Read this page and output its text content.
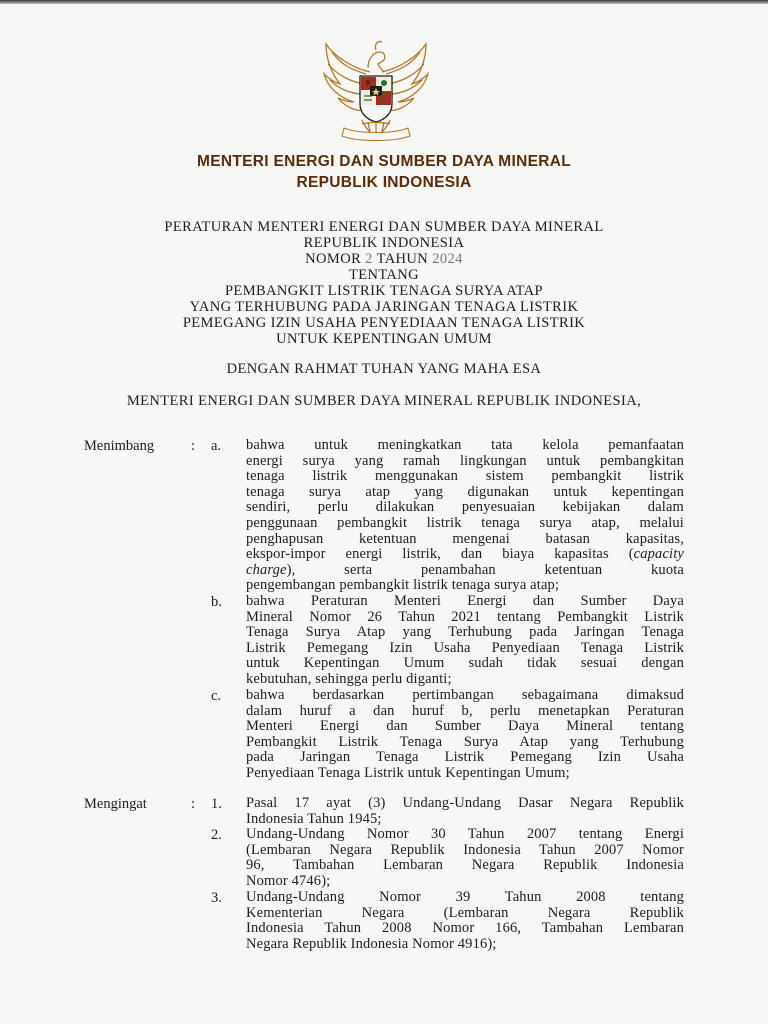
MENTERI ENERGI DAN SUMBER DAYA MINERAL
REPUBLIK INDONESIA
PERATURAN MENTERI ENERGI DAN SUMBER DAYA MINERAL
REPUBLIK INDONESIA
NOMOR 2 TAHUN 2024
TENTANG
PEMBANGKIT LISTRIK TENAGA SURYA ATAP
YANG TERHUBUNG PADA JARINGAN TENAGA LISTRIK
PEMEGANG IZIN USAHA PENYEDIAAN TENAGA LISTRIK
UNTUK KEPENTINGAN UMUM
DENGAN RAHMAT TUHAN YANG MAHA ESA
MENTERI ENERGI DAN SUMBER DAYA MINERAL REPUBLIK INDONESIA,
Menimbang	: a. bahwa untuk meningkatkan tata kelola pemanfaatan
energi surya yang ramah lingkungan untuk pembangkitan
tenaga listrik menggunakan sistem pembangkit listrik
tenaga surya atap yang digunakan untuk kepentingan
sendiri, perlu dilakukan penyesuaian kebijakan dalam
penggunaan pembangkit listrik tenaga surya atap, melalui
penghapusan ketentuan mengenai batasan kapasitas,
ekspor-impor energi listrik, dan biaya kapasitas (capacity
charge), serta penambahan ketentuan kuota
pengembangan pembangkit listrik tenaga surya atap;
b. bahwa Peraturan Menteri Energi dan Sumber Daya
Mineral Nomor 26 Tahun 2021 tentang Pembangkit Listrik
Tenaga Surya Atap yang Terhubung pada Jaringan Tenaga
Listrik Pemegang Izin Usaha Penyediaan Tenaga Listrik
untuk Kepentingan Umum sudah tidak sesuai dengan
kebutuhan, sehingga perlu diganti;
c. bahwa berdasarkan pertimbangan sebagaimana dimaksud
dalam huruf a dan huruf b, perlu menetapkan Peraturan
Menteri Energi dan Sumber Daya Mineral tentang
Pembangkit Listrik Tenaga Surya Atap yang Terhubung
pada Jaringan Tenaga Listrik Pemegang Izin Usaha
Penyediaan Tenaga Listrik untuk Kepentingan Umum;
Mengingat	: 1. Pasal 17 ayat (3) Undang-Undang Dasar Negara Republik
Indonesia Tahun 1945;
2. Undang-Undang Nomor 30 Tahun 2007 tentang Energi
(Lembaran Negara Republik Indonesia Tahun 2007 Nomor
96, Tambahan Lembaran Negara Republik Indonesia
Nomor 4746);
3. Undang-Undang Nomor 39 Tahun 2008 tentang
Kementerian Negara (Lembaran Negara Republik
Indonesia Tahun 2008 Nomor 166, Tambahan Lembaran
Negara Republik Indonesia Nomor 4916);
